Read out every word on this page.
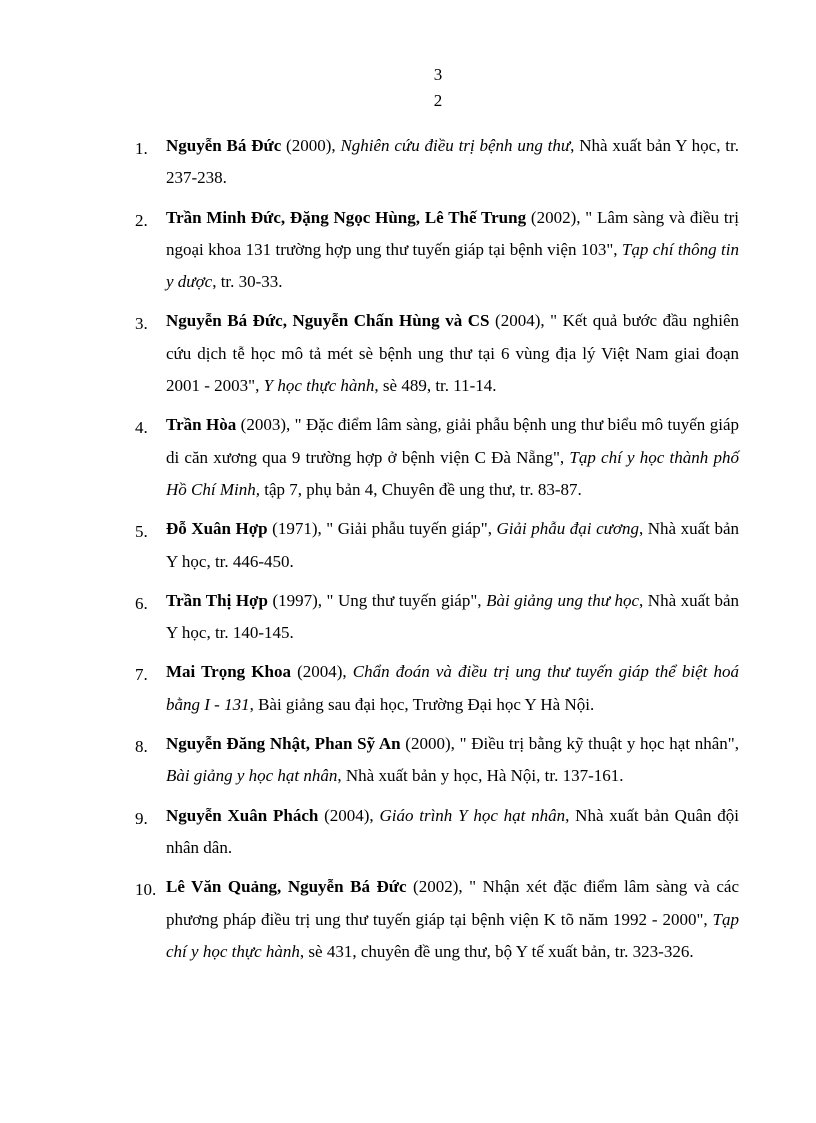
3
2
1.	Nguyễn Bá Đức (2000), Nghiên cứu điều trị bệnh ung thư, Nhà xuất bản Y học, tr. 237-238.
2.	Trần Minh Đức, Đặng Ngọc Hùng, Lê Thế Trung (2002), " Lâm sàng và điều trị ngoại khoa 131 trường hợp ung thư tuyến giáp tại bệnh viện 103", Tạp chí thông tin y dược, tr. 30-33.
3.	Nguyễn Bá Đức, Nguyễn Chấn Hùng và CS (2004), " Kết quả bước đầu nghiên cứu dịch tễ học mô tả mét sè bệnh ung thư tại 6 vùng địa lý Việt Nam giai đoạn 2001 - 2003", Y học thực hành, sè 489, tr. 11-14.
4.	Trần Hòa (2003), " Đặc điểm lâm sàng, giải phẫu bệnh ung thư biểu mô tuyến giáp di căn xương qua 9 trường hợp ở bệnh viện C Đà Nẵng", Tạp chí y học thành phố Hồ Chí Minh, tập 7, phụ bản 4, Chuyên đề ung thư, tr. 83-87.
5.	Đỗ Xuân Hợp (1971), " Giải phẫu tuyến giáp", Giải phẫu đại cương, Nhà xuất bản Y học, tr. 446-450.
6.	Trần Thị Hợp (1997), " Ung thư tuyến giáp", Bài giảng ung thư học, Nhà xuất bản Y học, tr. 140-145.
7.	Mai Trọng Khoa (2004), Chẩn đoán và điều trị ung thư tuyến giáp thể biệt hoá bằng I - 131, Bài giảng sau đại học, Trường Đại học Y Hà Nội.
8.	Nguyễn Đăng Nhật, Phan Sỹ An (2000), " Điều trị bằng kỹ thuật y học hạt nhân", Bài giảng y học hạt nhân, Nhà xuất bản y học, Hà Nội, tr. 137-161.
9.	Nguyễn Xuân Phách (2004), Giáo trình Y học hạt nhân, Nhà xuất bản Quân đội nhân dân.
10. Lê Văn Quảng, Nguyễn Bá Đức (2002), " Nhận xét đặc điểm lâm sàng và các phương pháp điều trị ung thư tuyến giáp tại bệnh viện K tõ năm 1992 - 2000", Tạp chí y học thực hành, sè 431, chuyên đề ung thư, bộ Y tế xuất bản, tr. 323-326.
